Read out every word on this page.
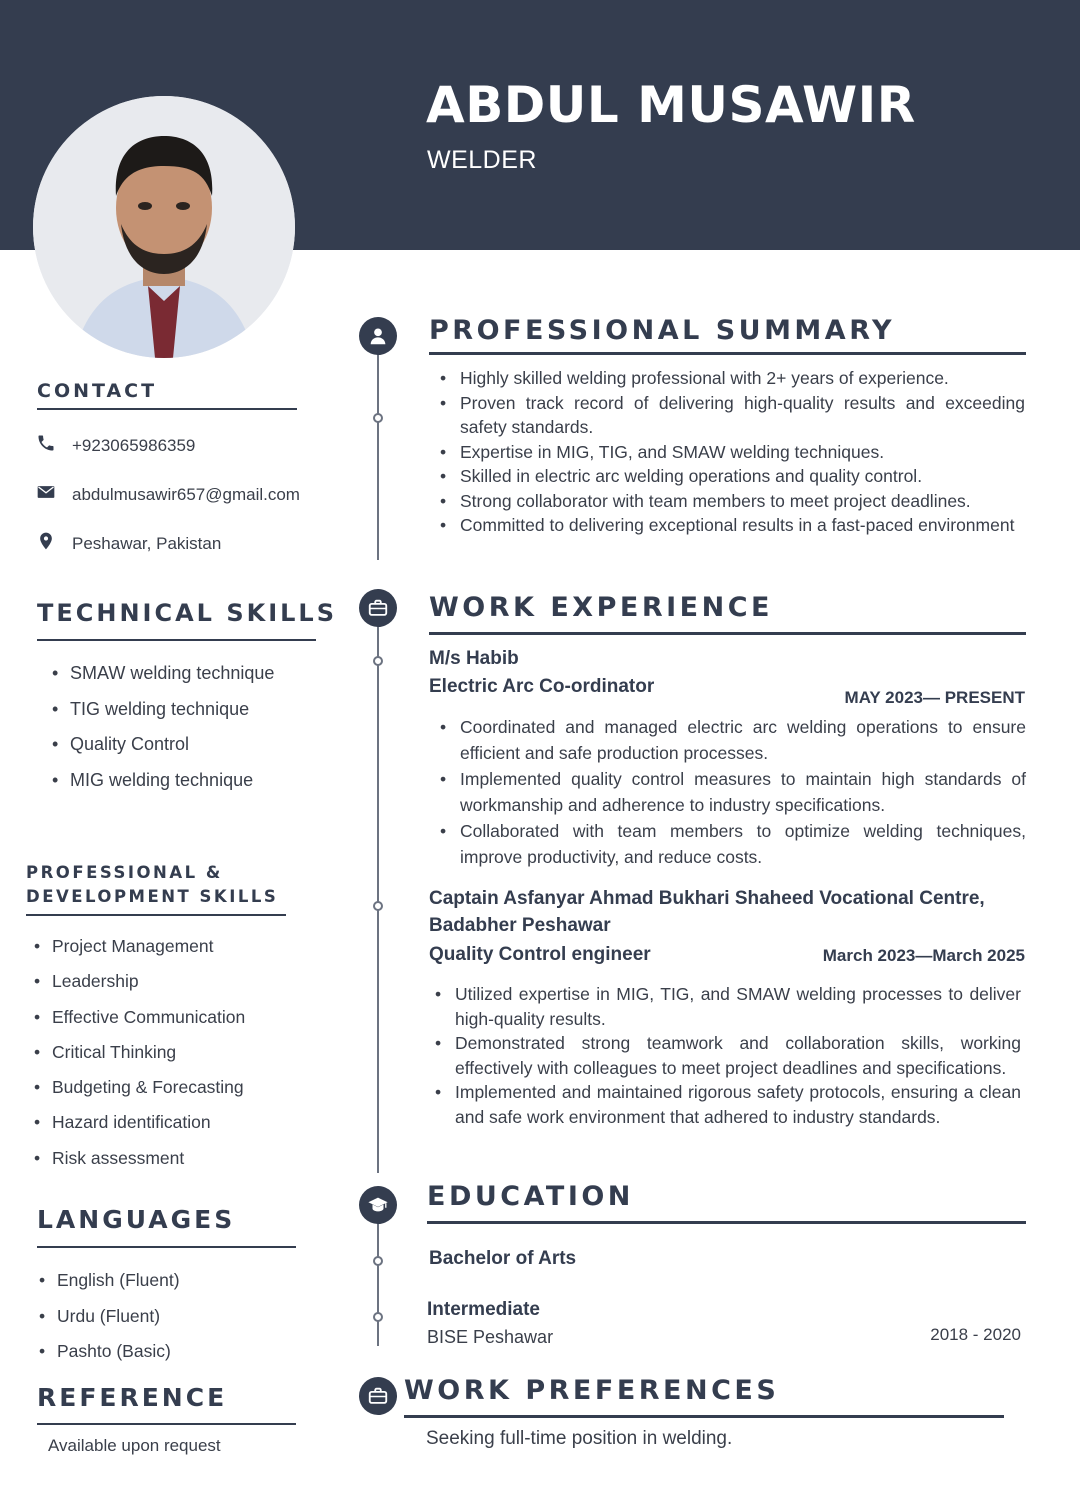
ABDUL MUSAWIR
WELDER
CONTACT
+923065986359
abdulmusawir657@gmail.com
Peshawar, Pakistan
TECHNICAL SKILLS
• SMAW welding technique
• TIG welding technique
• Quality Control
• MIG welding technique
PROFESSIONAL &
DEVELOPMENT SKILLS
• Project Management
• Leadership
• Effective Communication
• Critical Thinking
• Budgeting & Forecasting
• Hazard identification
• Risk assessment
LANGUAGES
• English (Fluent)
• Urdu (Fluent)
• Pashto (Basic)
REFERENCE
Available upon request
PROFESSIONAL SUMMARY
• Highly skilled welding professional with 2+ years of experience.
• Proven track record of delivering high-quality results and exceeding safety standards.
• Expertise in MIG, TIG, and SMAW welding techniques.
• Skilled in electric arc welding operations and quality control.
• Strong collaborator with team members to meet project deadlines.
• Committed to delivering exceptional results in a fast-paced environment
WORK EXPERIENCE
M/s Habib
Electric Arc Co-ordinator
MAY 2023— PRESENT
• Coordinated and managed electric arc welding operations to ensure efficient and safe production processes.
• Implemented quality control measures to maintain high standards of workmanship and adherence to industry specifications.
• Collaborated with team members to optimize welding techniques, improve productivity, and reduce costs.
Captain Asfanyar Ahmad Bukhari Shaheed Vocational Centre,
Badabher Peshawar
Quality Control engineer	March 2023—March 2025
• Utilized expertise in MIG, TIG, and SMAW welding processes to deliver high-quality results.
• Demonstrated strong teamwork and collaboration skills, working effectively with colleagues to meet project deadlines and specifications.
• Implemented and maintained rigorous safety protocols, ensuring a clean and safe work environment that adhered to industry standards.
EDUCATION
Bachelor of Arts
Intermediate
BISE Peshawar	2018 - 2020
WORK PREFERENCES
Seeking full-time position in welding.
